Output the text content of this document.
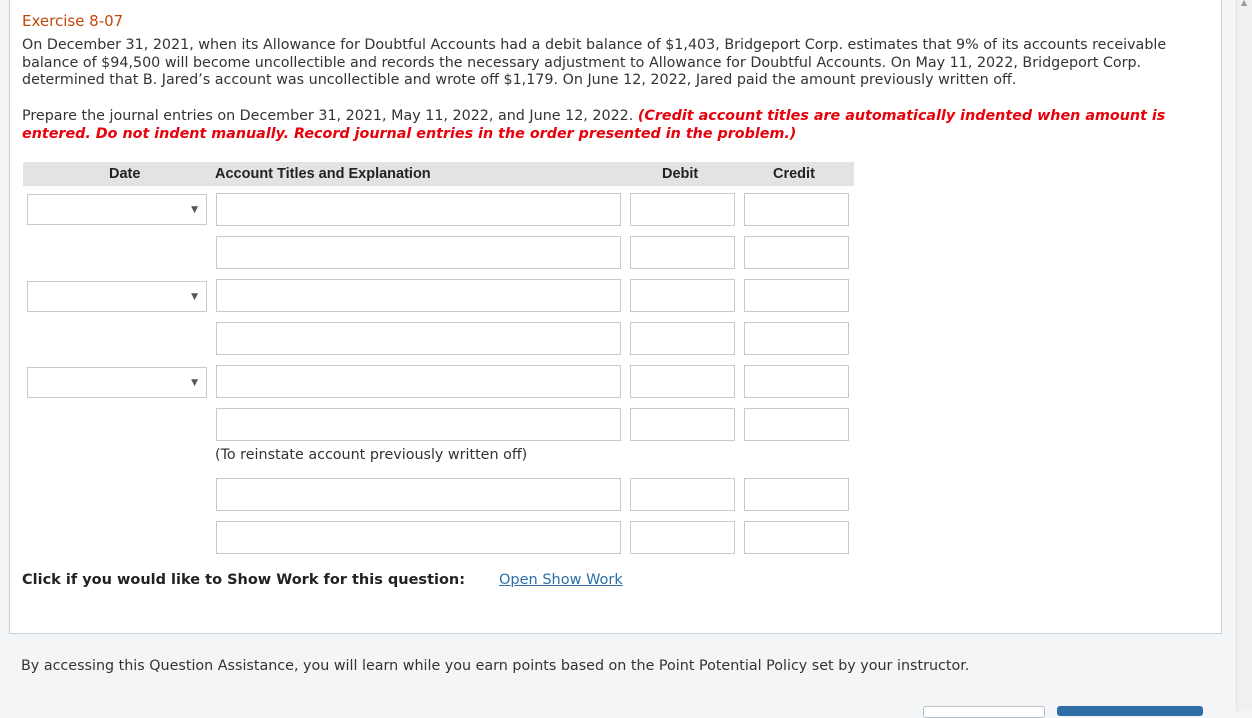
Exercise 8-07
On December 31, 2021, when its Allowance for Doubtful Accounts had a debit balance of $1,403, Bridgeport Corp. estimates that 9% of its accounts receivable balance of $94,500 will become uncollectible and records the necessary adjustment to Allowance for Doubtful Accounts. On May 11, 2022, Bridgeport Corp. determined that B. Jared’s account was uncollectible and wrote off $1,179. On June 12, 2022, Jared paid the amount previously written off.
Prepare the journal entries on December 31, 2021, May 11, 2022, and June 12, 2022. (Credit account titles are automatically indented when amount is entered. Do not indent manually. Record journal entries in the order presented in the problem.)
Date	Account Titles and Explanation	Debit	Credit
▼
▼
▼
(To reinstate account previously written off)
Click if you would like to Show Work for this question: Open Show Work
By accessing this Question Assistance, you will learn while you earn points based on the Point Potential Policy set by your instructor.
▲
